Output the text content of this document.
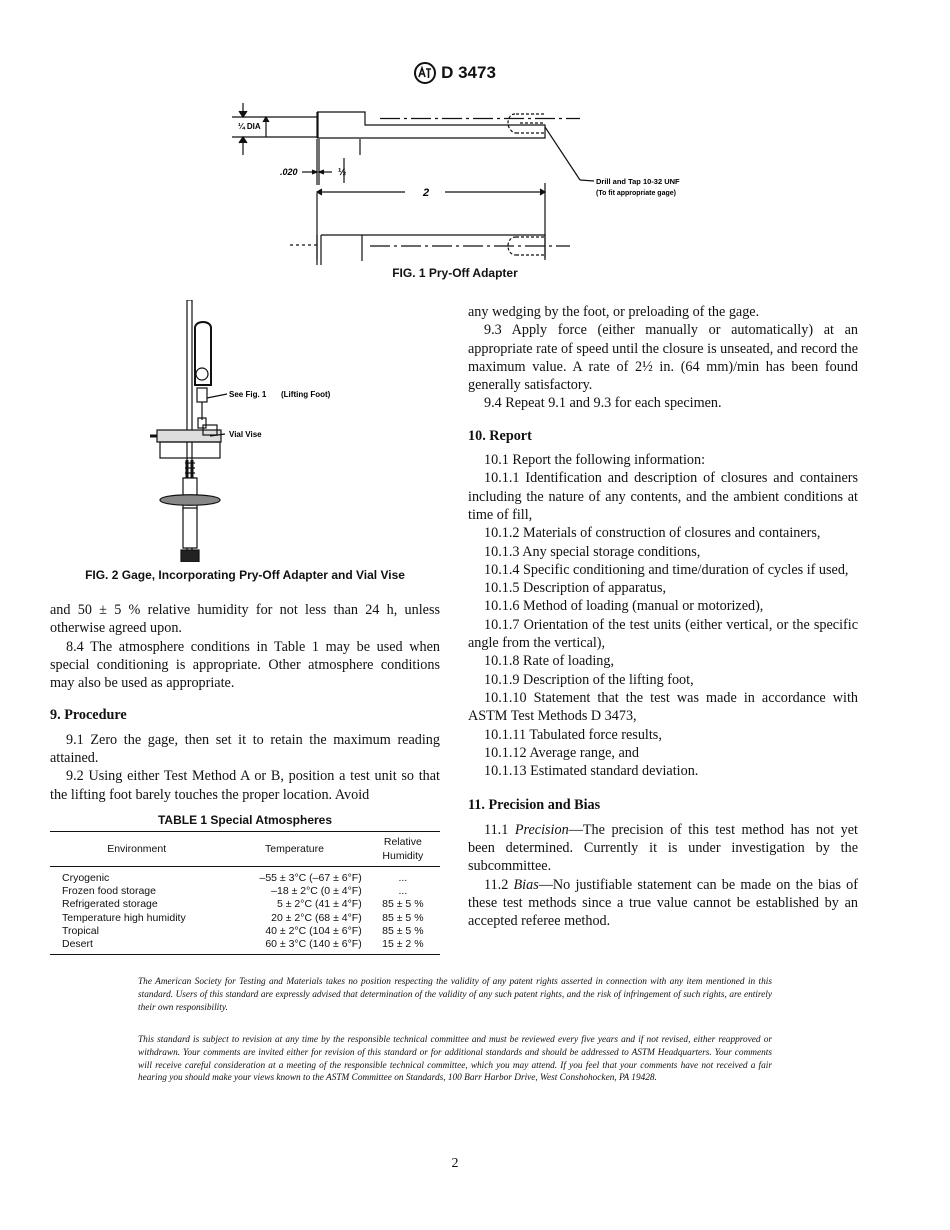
D 3473
¼ DIA
.020	½
2
Drill and Tap 10-32 UNF
(To fit appropriate gage)
FIG. 1 Pry-Off Adapter
See Fig. 1 (Lifting Foot)
Vial Vise
FIG. 2 Gage, Incorporating Pry-Off Adapter and Vial Vise

and 50 ± 5 % relative humidity for not less than 24 h, unless otherwise agreed upon.

8.4 The atmosphere conditions in Table 1 may be used when special conditioning is appropriate. Other atmosphere conditions may also be used as appropriate.

9. Procedure

9.1 Zero the gage, then set it to retain the maximum reading attained.

9.2 Using either Test Method A or B, position a test unit so that the lifting foot barely touches the proper location. Avoid

TABLE 1 Special Atmospheres
Environment	Temperature	Relative Humidity
Cryogenic	–55 ± 3°C (–67 ± 6°F)	...
Frozen food storage	–18 ± 2°C (0 ± 4°F)	...
Refrigerated storage	5 ± 2°C (41 ± 4°F)	85 ± 5 %
Temperature high humidity	20 ± 2°C (68 ± 4°F)	85 ± 5 %
Tropical	40 ± 2°C (104 ± 6°F)	85 ± 5 %
Desert	60 ± 3°C (140 ± 6°F)	15 ± 2 %

any wedging by the foot, or preloading of the gage.

9.3 Apply force (either manually or automatically) at an appropriate rate of speed until the closure is unseated, and record the maximum value. A rate of 2½ in. (64 mm)/min has been found generally satisfactory.

9.4 Repeat 9.1 and 9.3 for each specimen.

10. Report

10.1 Report the following information:

10.1.1 Identification and description of closures and containers including the nature of any contents, and the ambient conditions at time of fill,

10.1.2 Materials of construction of closures and containers,

10.1.3 Any special storage conditions,

10.1.4 Specific conditioning and time/duration of cycles if used,

10.1.5 Description of apparatus,

10.1.6 Method of loading (manual or motorized),

10.1.7 Orientation of the test units (either vertical, or the specific angle from the vertical),

10.1.8 Rate of loading,

10.1.9 Description of the lifting foot,

10.1.10 Statement that the test was made in accordance with ASTM Test Methods D 3473,

10.1.11 Tabulated force results,

10.1.12 Average range, and

10.1.13 Estimated standard deviation.

11. Precision and Bias

11.1 Precision—The precision of this test method has not yet been determined. Currently it is under investigation by the subcommittee.

11.2 Bias—No justifiable statement can be made on the bias of these test methods since a true value cannot be established by an accepted referee method.

The American Society for Testing and Materials takes no position respecting the validity of any patent rights asserted in connection with any item mentioned in this standard. Users of this standard are expressly advised that determination of the validity of any such patent rights, and the risk of infringement of such rights, are entirely their own responsibility.
This standard is subject to revision at any time by the responsible technical committee and must be reviewed every five years and if not revised, either reapproved or withdrawn. Your comments are invited either for revision of this standard or for additional standards and should be addressed to ASTM Headquarters. Your comments will receive careful consideration at a meeting of the responsible technical committee, which you may attend. If you feel that your comments have not received a fair hearing you should make your views known to the ASTM Committee on Standards, 100 Barr Harbor Drive, West Conshohocken, PA 19428.
2
